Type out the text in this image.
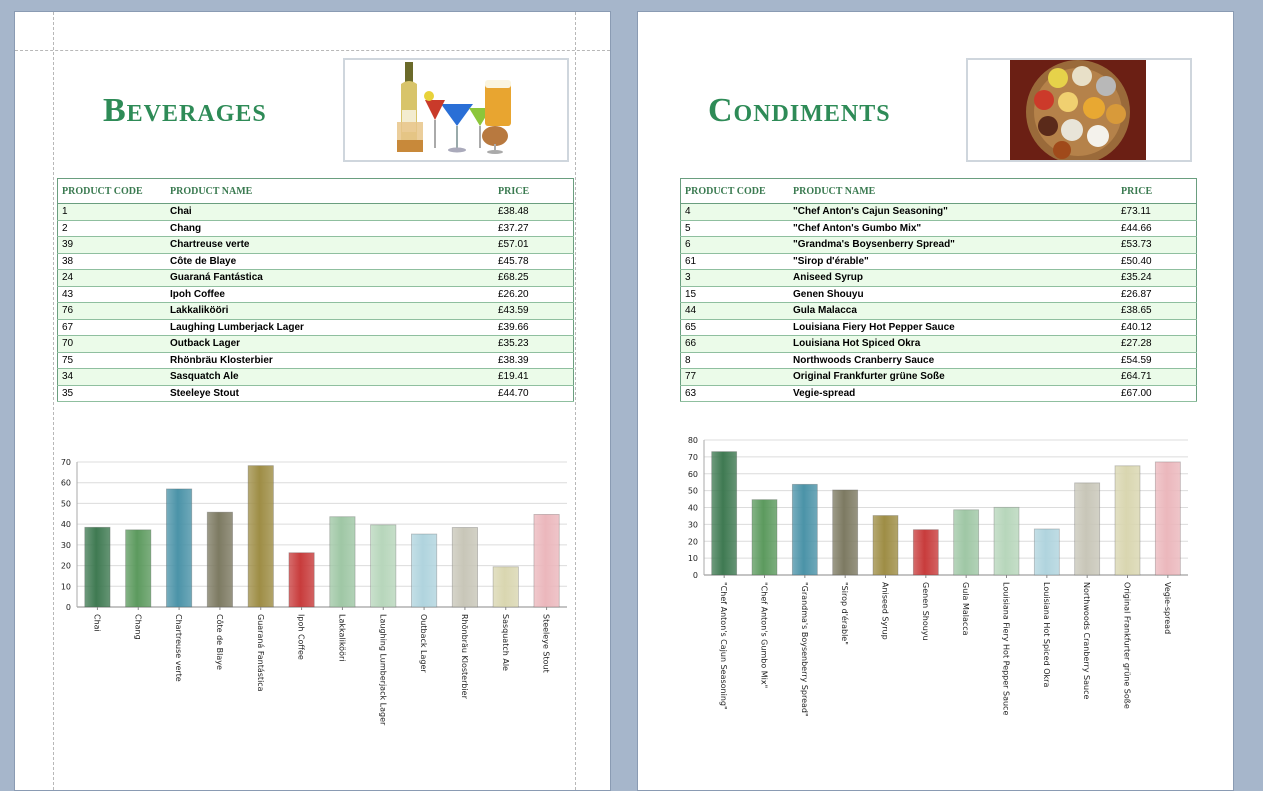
Beverages
PRODUCT CODE	PRODUCT NAME	PRICE
1	Chai	£38.48
2	Chang	£37.27
39	Chartreuse verte	£57.01
38	Côte de Blaye	£45.78
24	Guaraná Fantástica	£68.25
43	Ipoh Coffee	£26.20
76	Lakkalikööri	£43.59
67	Laughing Lumberjack Lager	£39.66
70	Outback Lager	£35.23
75	Rhönbräu Klosterbier	£38.39
34	Sasquatch Ale	£19.41
35	Steeleye Stout	£44.70
0
10
20
30
40
50
60
70
Chai	Chang	Chartreuse verte	Côte de Blaye	Guaraná Fantástica	Ipoh Coffee	Lakkalikööri	Laughing Lumberjack Lager	Outback Lager	Rhönbräu Klosterbier	Sasquatch Ale	Steeleye Stout
Condiments
PRODUCT CODE	PRODUCT NAME	PRICE
4	"Chef Anton's Cajun Seasoning"	£73.11
5	"Chef Anton's Gumbo Mix"	£44.66
6	"Grandma's Boysenberry Spread"	£53.73
61	"Sirop d'érable"	£50.40
3	Aniseed Syrup	£35.24
15	Genen Shouyu	£26.87
44	Gula Malacca	£38.65
65	Louisiana Fiery Hot Pepper Sauce	£40.12
66	Louisiana Hot Spiced Okra	£27.28
8	Northwoods Cranberry Sauce	£54.59
77	Original Frankfurter grüne Soße	£64.71
63	Vegie-spread	£67.00
0
10
20
30
40
50
60
70
80
"Chef Anton's Cajun Seasoning"	"Chef Anton's Gumbo Mix"	"Grandma's Boysenberry Spread"	"Sirop d'érable"	Aniseed Syrup	Genen Shouyu	Gula Malacca	Louisiana Fiery Hot Pepper Sauce	Louisiana Hot Spiced Okra	Northwoods Cranberry Sauce	Original Frankfurter grüne Soße	Vegie-spread
